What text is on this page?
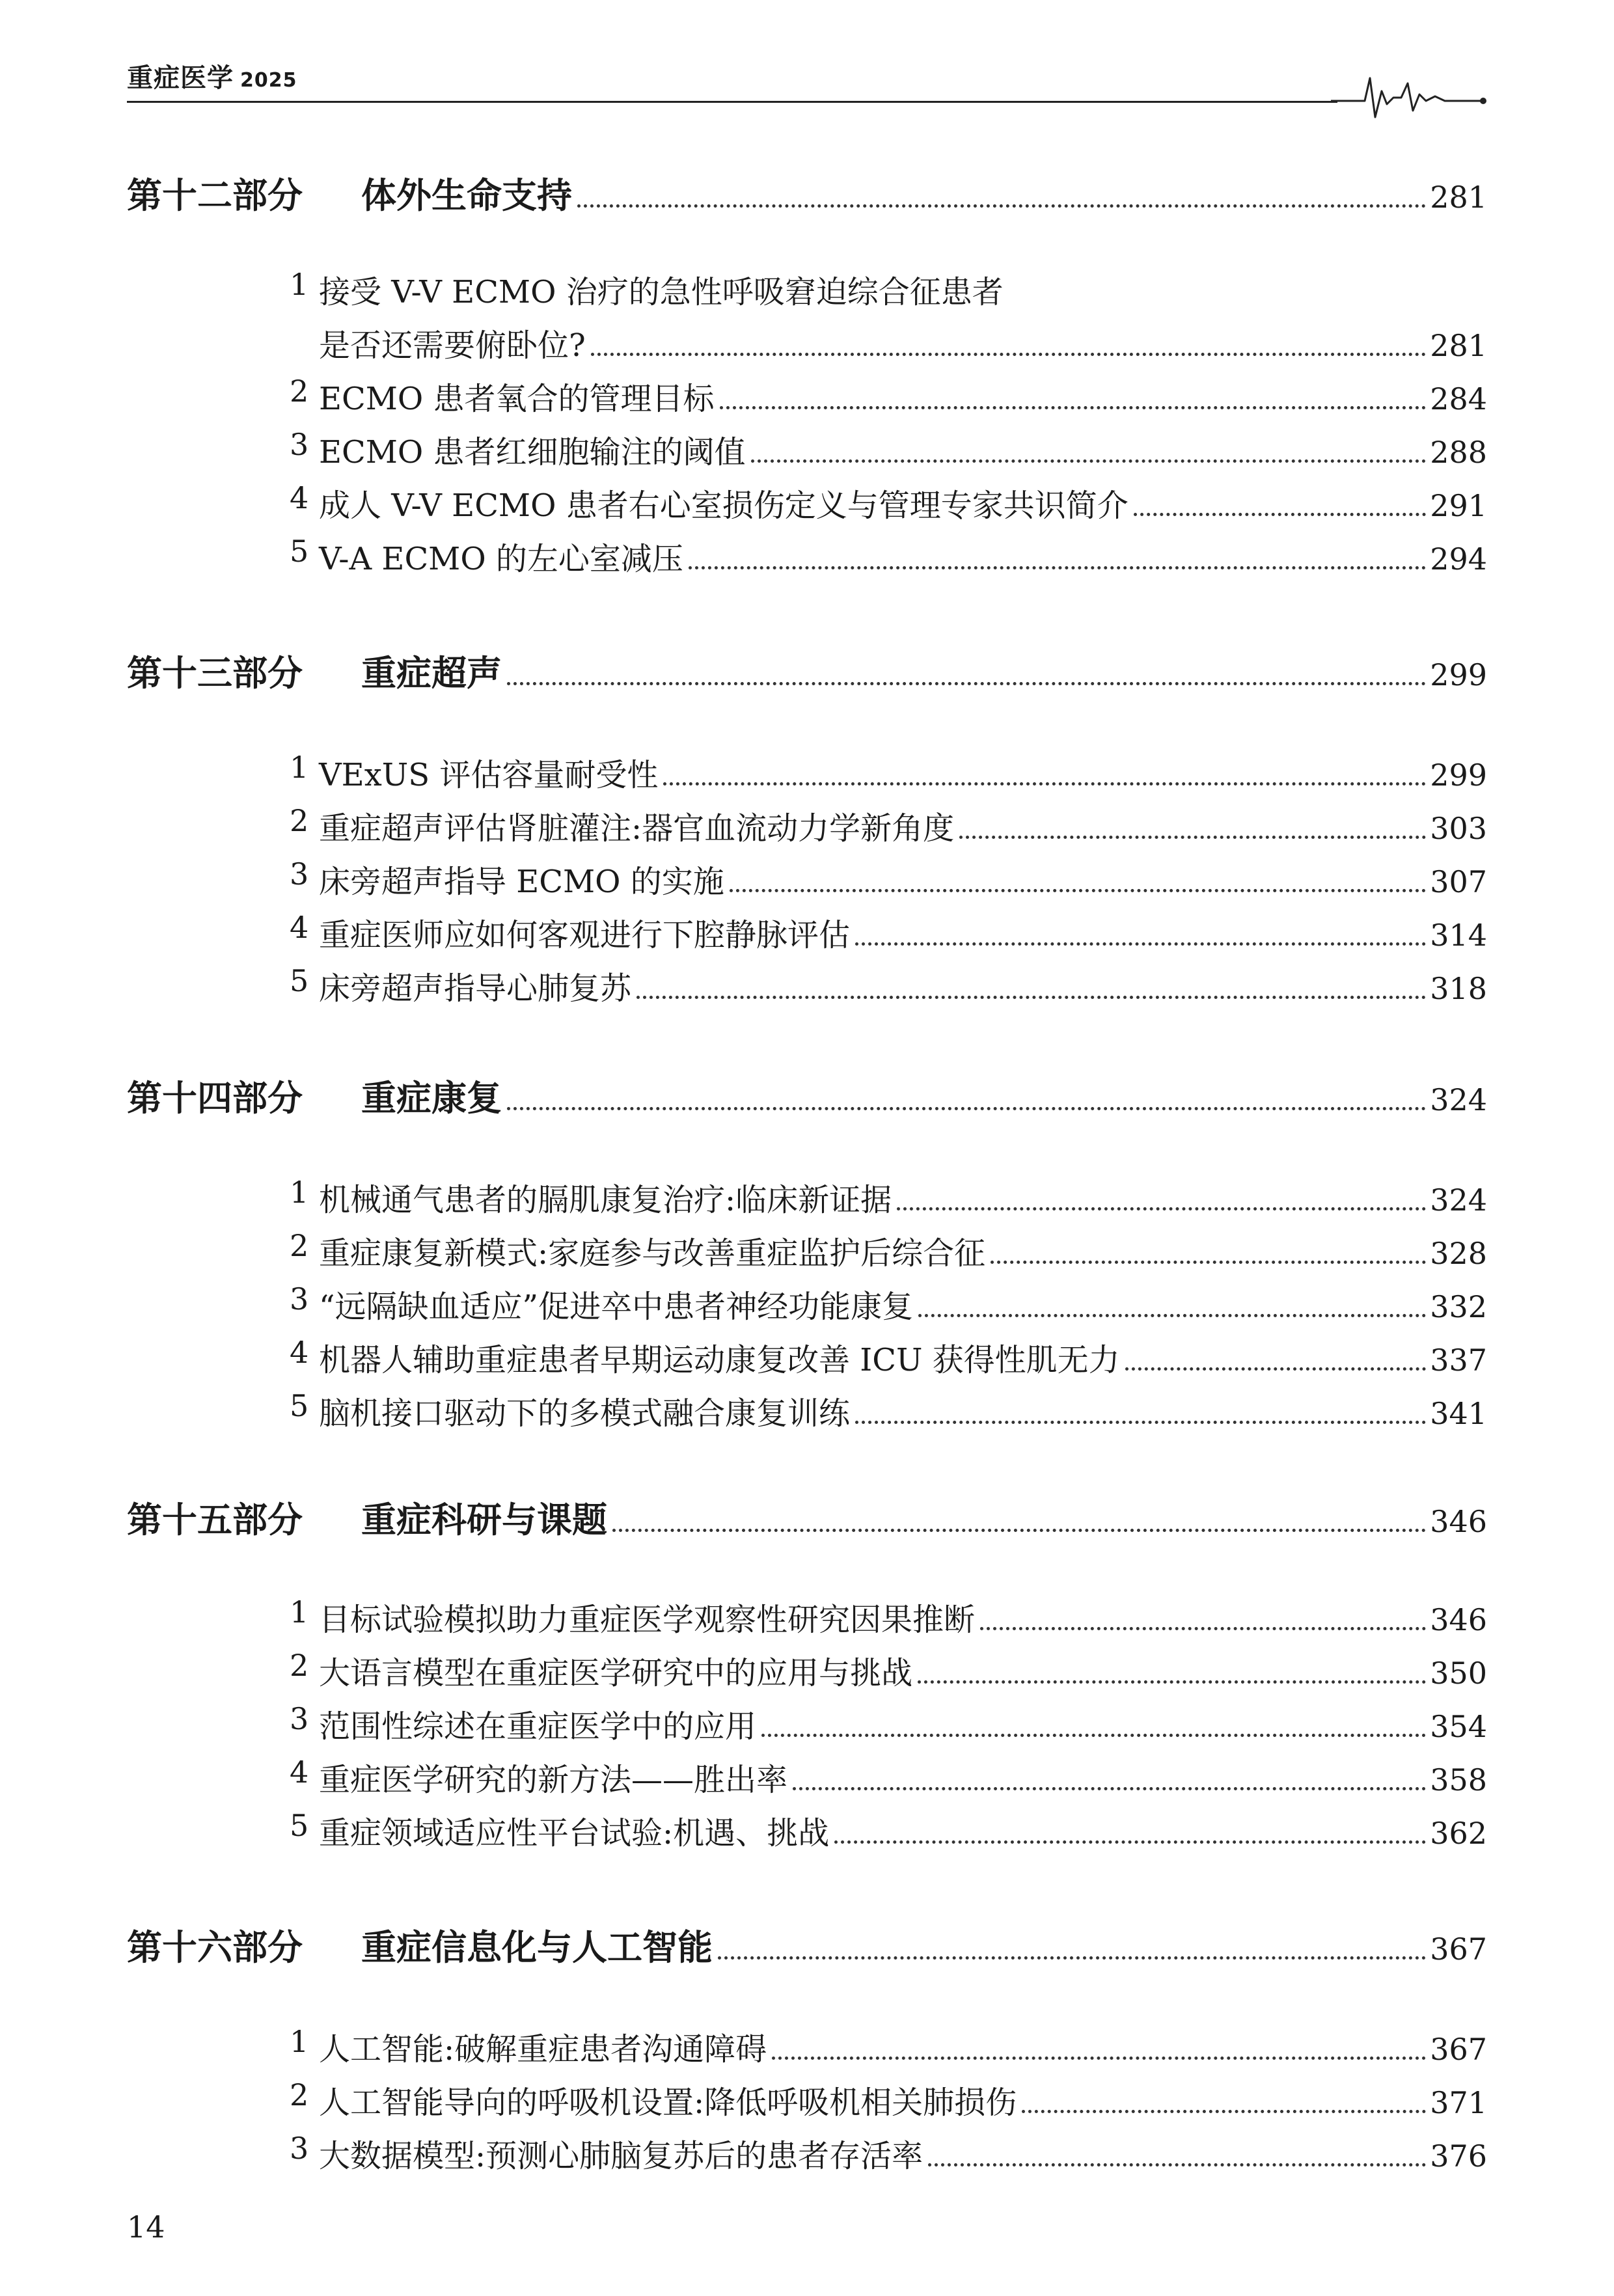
重症医学 2025
第十二部分	体外生命支持	281
1 接受 V-V ECMO 治疗的急性呼吸窘迫综合征患者
是否还需要俯卧位?	281
2 ECMO 患者氧合的管理目标	284
3 ECMO 患者红细胞输注的阈值	288
4 成人 V-V ECMO 患者右心室损伤定义与管理专家共识简介	291
5 V-A ECMO 的左心室减压	294
第十三部分	重症超声	299
1 VExUS 评估容量耐受性	299
2 重症超声评估肾脏灌注:器官血流动力学新角度	303
3 床旁超声指导 ECMO 的实施	307
4 重症医师应如何客观进行下腔静脉评估	314
5 床旁超声指导心肺复苏	318
第十四部分	重症康复	324
1 机械通气患者的膈肌康复治疗:临床新证据	324
2 重症康复新模式:家庭参与改善重症监护后综合征	328
3 “远隔缺血适应”促进卒中患者神经功能康复	332
4 机器人辅助重症患者早期运动康复改善 ICU 获得性肌无力	337
5 脑机接口驱动下的多模式融合康复训练	341
第十五部分	重症科研与课题	346
1 目标试验模拟助力重症医学观察性研究因果推断	346
2 大语言模型在重症医学研究中的应用与挑战	350
3 范围性综述在重症医学中的应用	354
4 重症医学研究的新方法——胜出率	358
5 重症领域适应性平台试验:机遇、挑战	362
第十六部分	重症信息化与人工智能	367
1 人工智能:破解重症患者沟通障碍	367
2 人工智能导向的呼吸机设置:降低呼吸机相关肺损伤	371
3 大数据模型:预测心肺脑复苏后的患者存活率	376
14
